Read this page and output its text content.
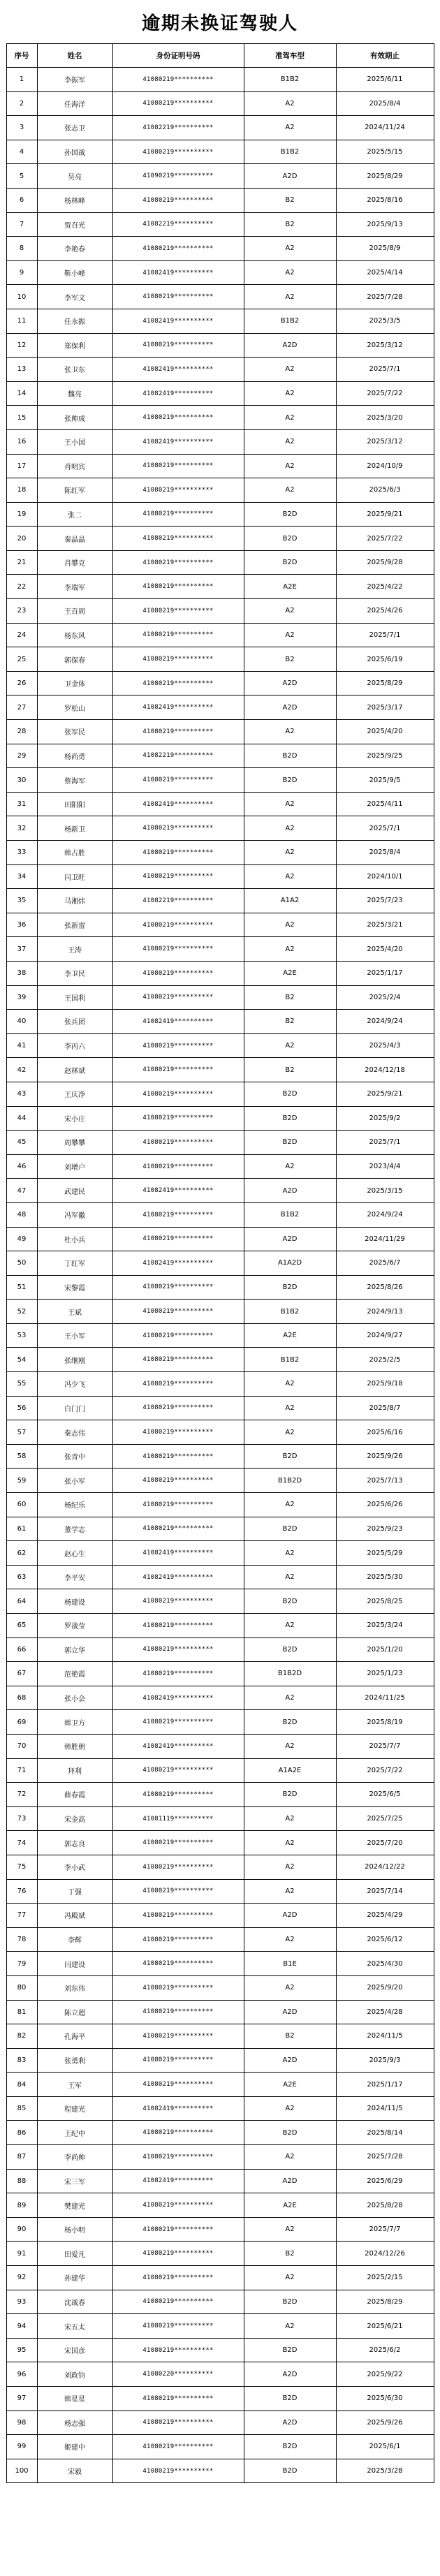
逾期未换证驾驶人
序号	姓名	身份证明号码	准驾车型	有效期止
1	李振军	41080219**********	B1B2	2025/6/11
2	任海洋	41080219**********	A2	2025/8/4
3	张志卫	41082219**********	A2	2024/11/24
4	孙国战	41080219**********	B1B2	2025/5/15
5	吴亮	41090219**********	A2D	2025/8/29
6	杨林峰	41080219**********	B2	2025/8/16
7	贾召光	41082219**********	B2	2025/9/13
8	李艳春	41080219**********	A2	2025/8/9
9	靳小峰	41082419**********	A2	2025/4/14
10	李军文	41080219**********	A2	2025/7/28
11	任永振	41082419**********	B1B2	2025/3/5
12	郑保利	41080219**********	A2D	2025/3/12
13	张卫东	41082419**********	A2	2025/7/1
14	魏亮	41082419**********	A2	2025/7/22
15	张帅成	41080219**********	A2	2025/3/20
16	王小国	41082419**********	A2	2025/3/12
17	肖明宾	41080219**********	A2	2024/10/9
18	陈红军	41080219**********	A2	2025/6/3
19	张二	41080219**********	B2D	2025/9/21
20	秦晶晶	41080219**********	B2D	2025/7/22
21	肖攀克	41080219**********	B2D	2025/9/28
22	李瑞军	41080219**********	A2E	2025/4/22
23	王百周	41080219**********	A2	2025/4/26
24	杨东风	41080219**********	A2	2025/7/1
25	郭保春	41080219**********	B2	2025/6/19
26	卫金体	41080219**********	A2D	2025/8/29
27	罗松山	41082419**********	A2D	2025/3/17
28	张军民	41080219**********	A2	2025/4/20
29	杨尚勇	41082219**********	B2D	2025/9/25
30	蔡海军	41080219**********	B2D	2025/9/5
31	田阳阳	41082419**********	A2	2025/4/11
32	杨新卫	41080219**********	A2	2025/7/1
33	韩占胜	41080219**********	A2	2025/8/4
34	闫卫旺	41080219**********	A2	2024/10/1
35	马湘炜	41082219**********	A1A2	2025/7/23
36	张新雷	41080219**********	A2	2025/3/21
37	王涛	41080219**********	A2	2025/4/20
38	李卫民	41080219**********	A2E	2025/1/17
39	王国利	41080219**********	B2	2025/2/4
40	张兵团	41082419**********	B2	2024/9/24
41	李丙六	41080219**********	A2	2025/4/3
42	赵林斌	41080219**********	B2	2024/12/18
43	王庆净	41080219**********	B2D	2025/9/21
44	宋小庄	41080219**********	B2D	2025/9/2
45	周攀攀	41080219**********	B2D	2025/7/1
46	刘增户	41080219**********	A2	2023/4/4
47	武建民	41082419**********	A2D	2025/3/15
48	冯军徽	41080219**********	B1B2	2024/9/24
49	杜小兵	41080219**********	A2D	2024/11/29
50	丁红军	41082419**********	A1A2D	2025/6/7
51	宋黎霞	41080219**********	B2D	2025/8/26
52	王斌	41080219**********	B1B2	2024/9/13
53	王小军	41080219**********	A2E	2024/9/27
54	张继刚	41080219**********	B1B2	2025/2/5
55	冯少飞	41080219**********	A2	2025/9/18
56	白门门	41080219**********	A2	2025/8/7
57	秦志伟	41080219**********	A2	2025/6/16
58	张青中	41080219**********	B2D	2025/9/26
59	张小军	41080219**********	B1B2D	2025/7/13
60	杨纪乐	41080219**********	A2	2025/6/26
61	董学志	41080219**********	B2D	2025/9/23
62	赵心生	41082419**********	A2	2025/5/29
63	李平安	41082419**********	A2	2025/5/30
64	杨建设	41080219**********	B2D	2025/8/25
65	罗战莹	41080219**********	A2	2025/3/24
66	郭立华	41080219**********	B2D	2025/1/20
67	范艳霞	41080219**********	B1B2D	2025/1/23
68	张小会	41082419**********	A2	2024/11/25
69	韩卫方	41080219**********	B2D	2025/8/19
70	韩胜朝	41082419**********	A2	2025/7/7
71	拜利	41080219**********	A1A2E	2025/7/22
72	薛春霞	41080219**********	B2D	2025/6/5
73	宋金高	41081119**********	A2	2025/7/25
74	郭志良	41080219**********	A2	2025/7/20
75	李小武	41080219**********	A2	2024/12/22
76	丁强	41080219**********	A2	2025/7/14
77	冯殿斌	41080219**********	A2D	2025/4/29
78	李辉	41080219**********	A2	2025/6/12
79	闫建设	41080219**********	B1E	2025/4/30
80	刘东伟	41080219**********	A2	2025/9/20
81	陈立超	41080219**********	A2D	2025/4/28
82	孔海平	41080219**********	B2	2024/11/5
83	张勇利	41080219**********	A2D	2025/9/3
84	王军	41080219**********	A2E	2025/1/17
85	程建光	41082419**********	A2	2024/11/5
86	王纪中	41080219**********	B2D	2025/8/14
87	李尚帅	41080219**********	A2	2025/7/28
88	宋三军	41082419**********	A2D	2025/6/29
89	樊建光	41080219**********	A2E	2025/8/28
90	杨小明	41080219**********	A2	2025/7/7
91	田爱凡	41080219**********	B2	2024/12/26
92	孙建华	41080219**********	A2	2025/2/15
93	沈战春	41080219**********	B2D	2025/8/29
94	宋五太	41080219**********	A2	2025/6/21
95	宋国彦	41080219**********	B2D	2025/6/2
96	刘政钧	41080220**********	A2D	2025/9/22
97	韩星星	41080219**********	B2D	2025/6/30
98	杨志强	41080219**********	A2D	2025/9/26
99	姬建中	41080219**********	B2D	2025/6/1
100	宋毅	41080219**********	B2D	2025/3/28
